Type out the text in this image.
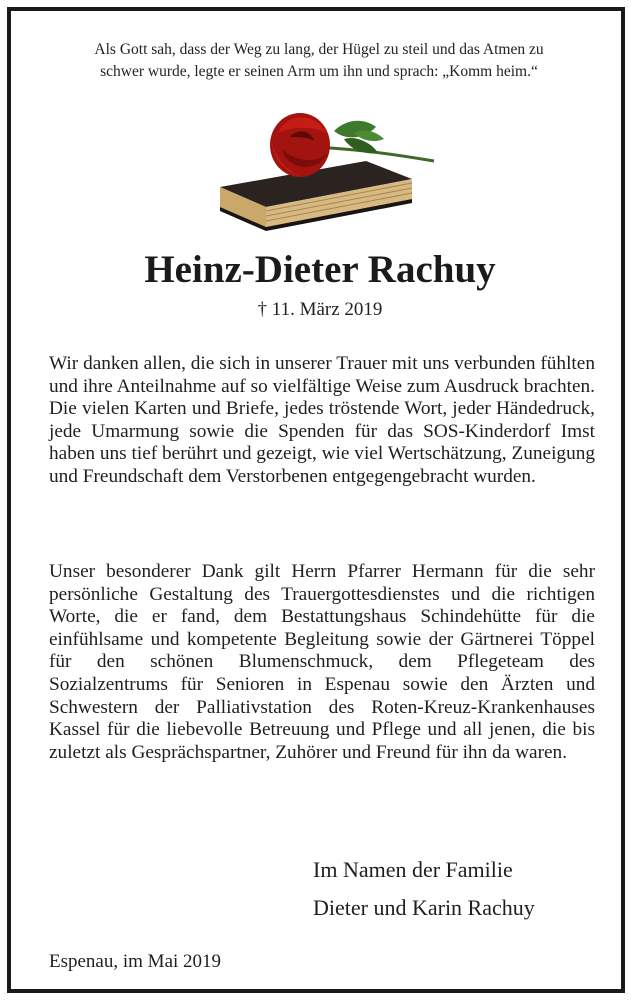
Als Gott sah, dass der Weg zu lang, der Hügel zu steil und das Atmen zu
schwer wurde, legte er seinen Arm um ihn und sprach: „Komm heim.“
Heinz-Dieter Rachuy
† 11. März 2019

Wir danken allen, die sich in unserer Trauer mit uns verbunden fühlten und ihre Anteilnahme auf so vielfältige Weise zum Ausdruck brachten. Die vielen Karten und Briefe, jedes tröstende Wort, jeder Händedruck, jede Umarmung sowie die Spenden für das SOS-Kinderdorf Imst haben uns tief berührt und gezeigt, wie viel Wertschätzung, Zuneigung und Freundschaft dem Verstorbenen entgegengebracht wurden.

Unser besonderer Dank gilt Herrn Pfarrer Hermann für die sehr persönliche Gestaltung des Trauergottesdienstes und die richtigen Worte, die er fand, dem Bestattungshaus Schindehütte für die einfühlsame und kompetente Begleitung sowie der Gärtnerei Töppel für den schönen Blumenschmuck, dem Pflegeteam des Sozialzentrums für Senioren in Espenau sowie den Ärzten und Schwestern der Palliativstation des Roten-Kreuz-Krankenhauses Kassel für die liebevolle Betreuung und Pflege und all jenen, die bis zuletzt als Gesprächspartner, Zuhörer und Freund für ihn da waren.

Im Namen der Familie
Dieter und Karin Rachuy
Espenau, im Mai 2019
